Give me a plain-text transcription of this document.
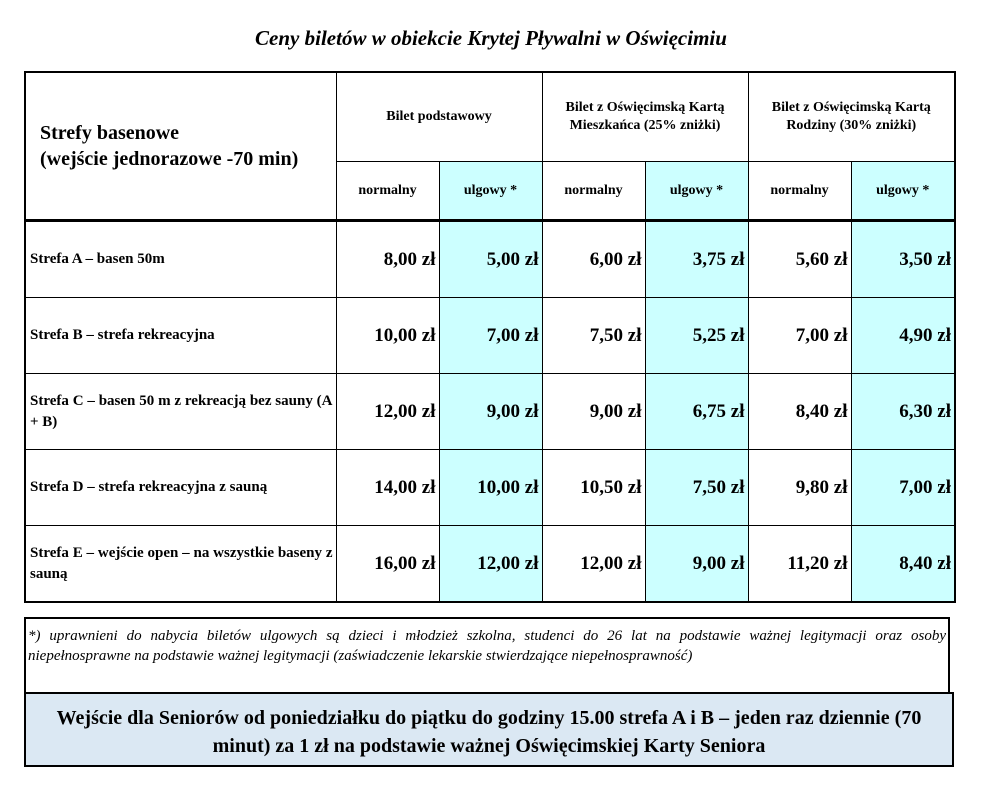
Ceny biletów w obiekcie Krytej Pływalni w Oświęcimiu
Strefy basenowe
(wejście jednorazowe -70 min)	Bilet podstawowy		Bilet z Oświęcimską Kartą Mieszkańca (25% zniżki)		Bilet z Oświęcimską Kartą Rodziny (30% zniżki)	
	normalny	ulgowy *	normalny	ulgowy *	normalny	ulgowy *

Strefa A – basen 50m	8,00 zł	5,00 zł	6,00 zł	3,75 zł	5,60 zł	3,50 zł
Strefa B – strefa rekreacyjna	10,00 zł	7,00 zł	7,50 zł	5,25 zł	7,00 zł	4,90 zł
Strefa C – basen 50 m z rekreacją bez sauny (A + B)	12,00 zł	9,00 zł	9,00 zł	6,75 zł	8,40 zł	6,30 zł
Strefa D – strefa rekreacyjna z sauną	14,00 zł	10,00 zł	10,50 zł	7,50 zł	9,80 zł	7,00 zł
Strefa E – wejście open – na wszystkie baseny z sauną	16,00 zł	12,00 zł	12,00 zł	9,00 zł	11,20 zł	8,40 zł
*) uprawnieni do nabycia biletów ulgowych są dzieci i młodzież szkolna, studenci do 26 lat na podstawie ważnej legitymacji oraz osoby niepełnosprawne na podstawie ważnej legitymacji (zaświadczenie lekarskie stwierdzające niepełnosprawność)
Wejście dla Seniorów od poniedziałku do piątku do godziny 15.00 strefa A i B – jeden raz dziennie (70 minut) za 1 zł na podstawie ważnej Oświęcimskiej Karty Seniora
